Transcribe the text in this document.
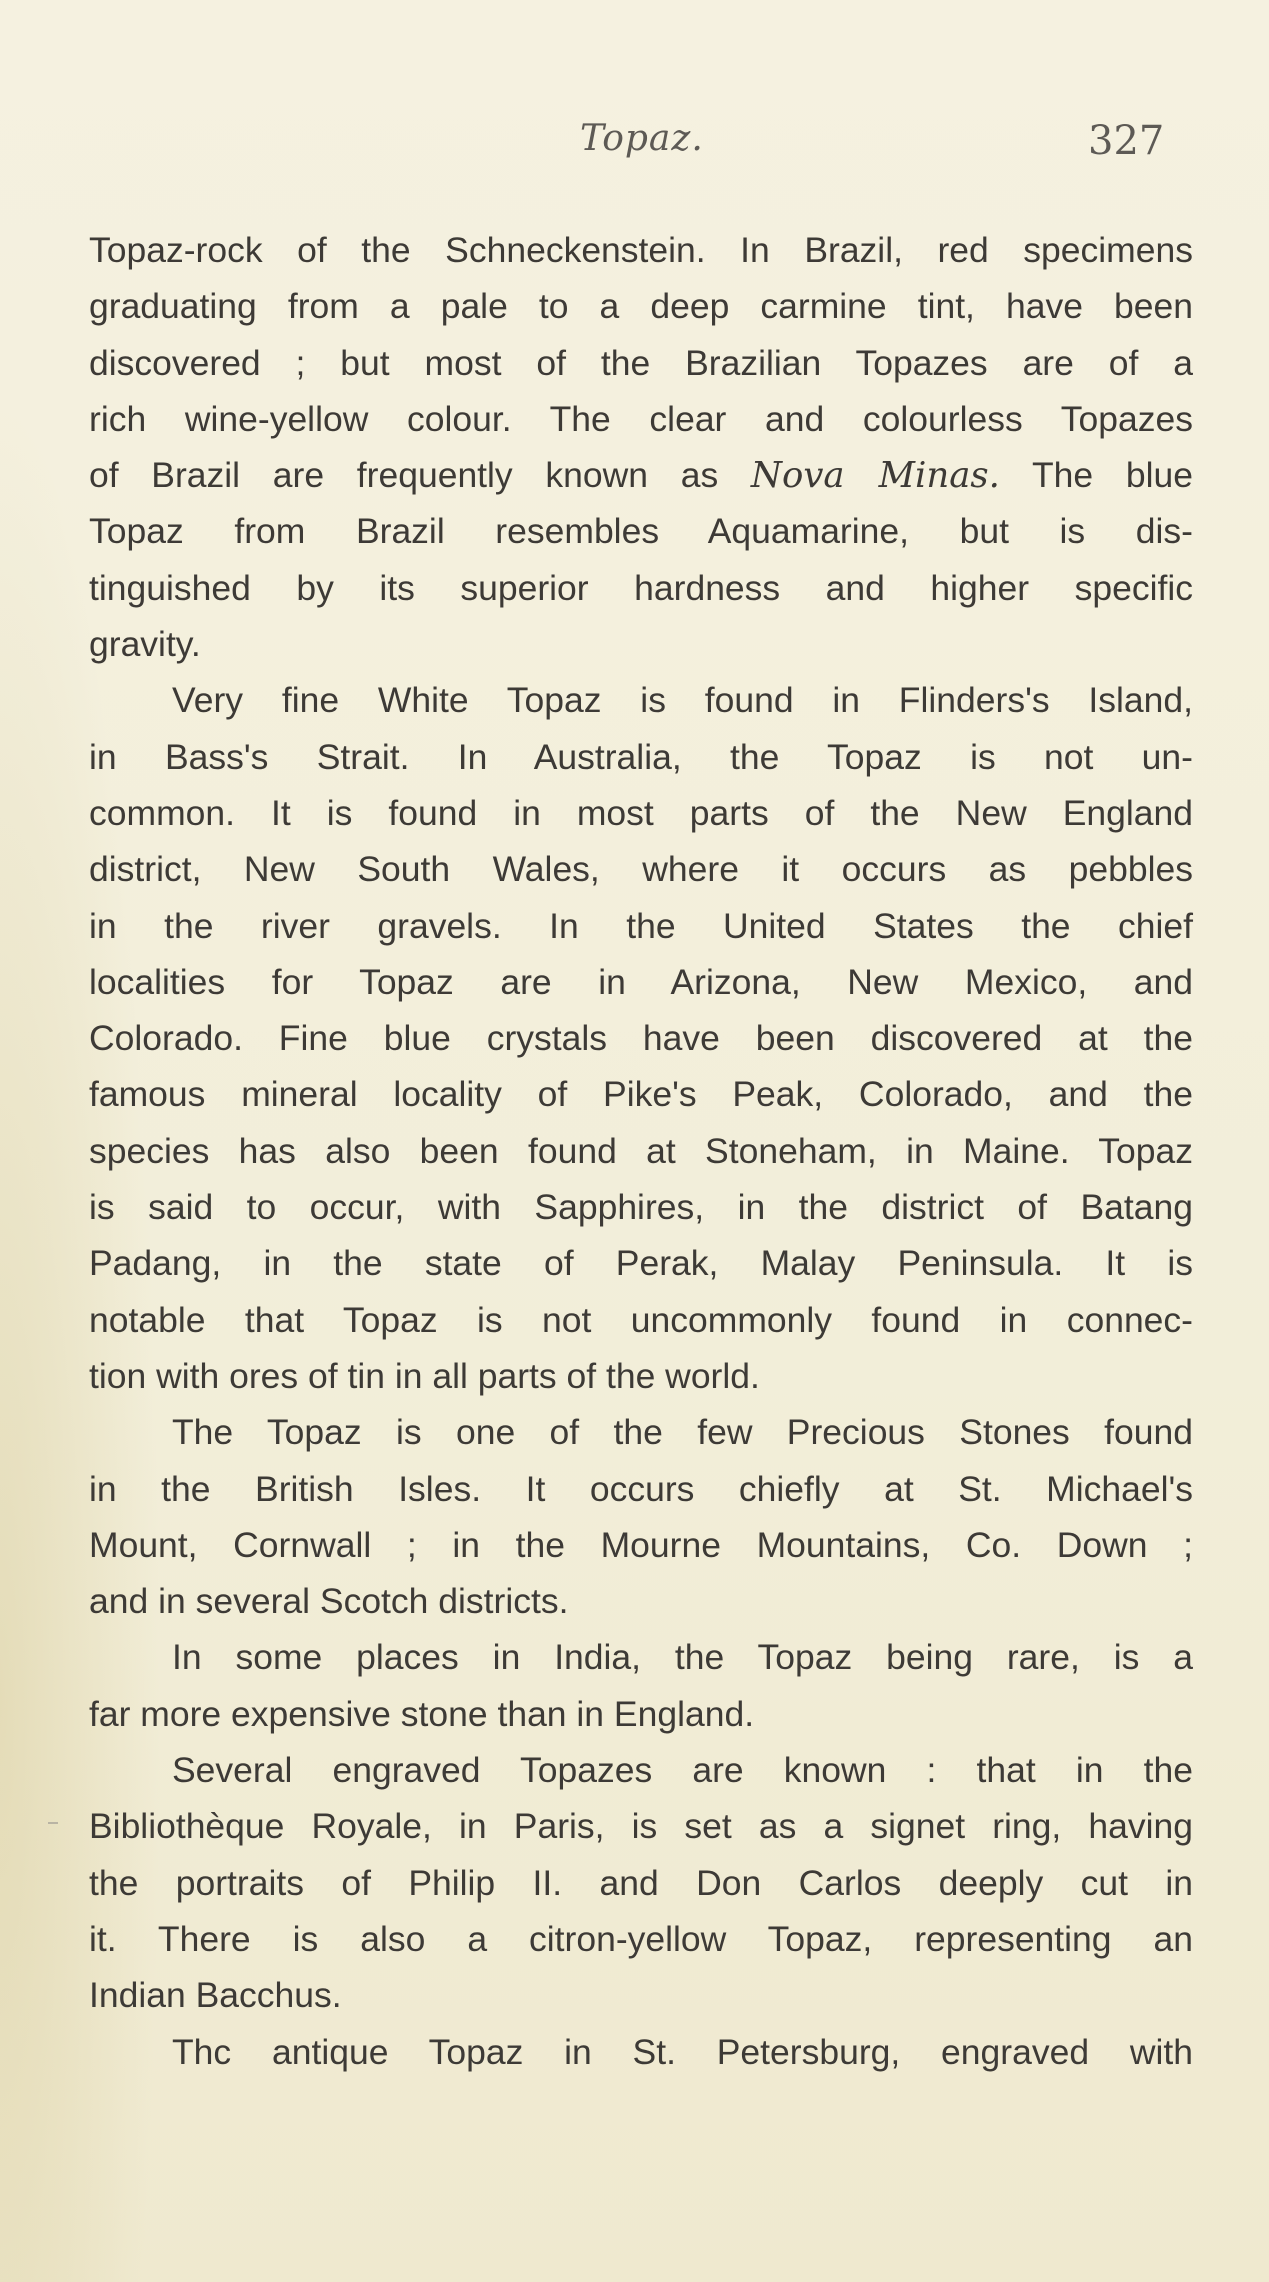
Topaz.	327
Topaz-rock of the Schneckenstein. In Brazil, red specimens
graduating from a pale to a deep carmine tint, have been
discovered ; but most of the Brazilian Topazes are of a
rich wine-yellow colour. The clear and colourless Topazes
of Brazil are frequently known as Nova Minas. The blue
Topaz from Brazil resembles Aquamarine, but is dis-
tinguished by its superior hardness and higher specific
gravity.
Very fine White Topaz is found in Flinders's Island,
in Bass's Strait. In Australia, the Topaz is not un-
common. It is found in most parts of the New England
district, New South Wales, where it occurs as pebbles
in the river gravels. In the United States the chief
localities for Topaz are in Arizona, New Mexico, and
Colorado. Fine blue crystals have been discovered at the
famous mineral locality of Pike's Peak, Colorado, and the
species has also been found at Stoneham, in Maine. Topaz
is said to occur, with Sapphires, in the district of Batang
Padang, in the state of Perak, Malay Peninsula. It is
notable that Topaz is not uncommonly found in connec-
tion with ores of tin in all parts of the world.
The Topaz is one of the few Precious Stones found
in the British Isles. It occurs chiefly at St. Michael's
Mount, Cornwall ; in the Mourne Mountains, Co. Down ;
and in several Scotch districts.
In some places in India, the Topaz being rare, is a
far more expensive stone than in England.
Several engraved Topazes are known : that in the
Bibliothèque Royale, in Paris, is set as a signet ring, having
the portraits of Philip II. and Don Carlos deeply cut in
it. There is also a citron-yellow Topaz, representing an
Indian Bacchus.
Thc antique Topaz in St. Petersburg, engraved with
